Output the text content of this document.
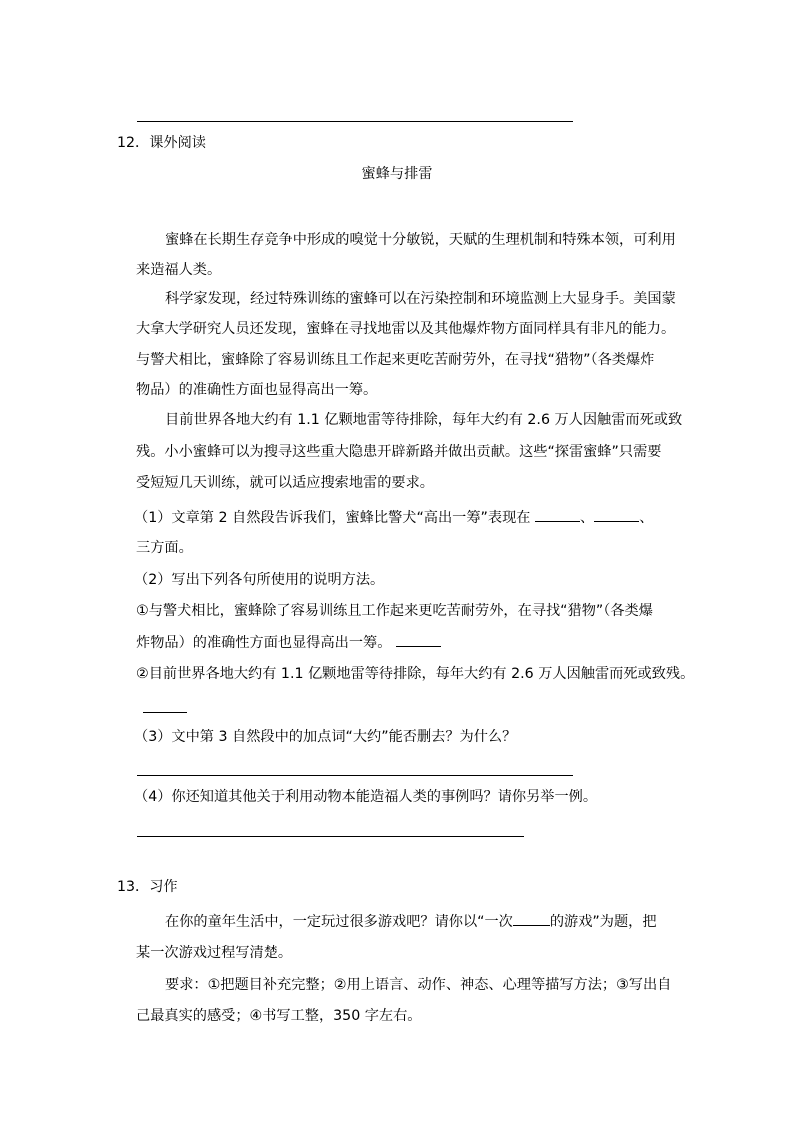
12．课外阅读
蜜蜂与排雷
蜜蜂在长期生存竞争中形成的嗅觉十分敏锐，天赋的生理机制和特殊本领，可利用
来造福人类。
科学家发现，经过特殊训练的蜜蜂可以在污染控制和环境监测上大显身手。美国蒙
大拿大学研究人员还发现，蜜蜂在寻找地雷以及其他爆炸物方面同样具有非凡的能力。
与警犬相比，蜜蜂除了容易训练且工作起来更吃苦耐劳外，在寻找“猎物”（各类爆炸
物品）的准确性方面也显得高出一筹。
目前世界各地大约有 1.1 亿颗地雷等待排除，每年大约有 2.6 万人因触雷而死或致
残。小小蜜蜂可以为搜寻这些重大隐患开辟新路并做出贡献。这些“探雷蜜蜂”只需要
受短短几天训练，就可以适应搜索地雷的要求。
（1）文章第 2 自然段告诉我们，蜜蜂比警犬“高出一筹”表现在	、	、
三方面。
（2）写出下列各句所使用的说明方法。
①与警犬相比，蜜蜂除了容易训练且工作起来更吃苦耐劳外，在寻找“猎物”（各类爆
炸物品）的准确性方面也显得高出一筹。
②目前世界各地大约有 1.1 亿颗地雷等待排除，每年大约有 2.6 万人因触雷而死或致残。
（3）文中第 3 自然段中的加点词“大约”能否删去？为什么？
（4）你还知道其他关于利用动物本能造福人类的事例吗？请你另举一例。
13．习作
在你的童年生活中，一定玩过很多游戏吧？请你以“一次	的游戏”为题，把
某一次游戏过程写清楚。
要求：①把题目补充完整；②用上语言、动作、神态、心理等描写方法；③写出自
己最真实的感受；④书写工整，350 字左右。
